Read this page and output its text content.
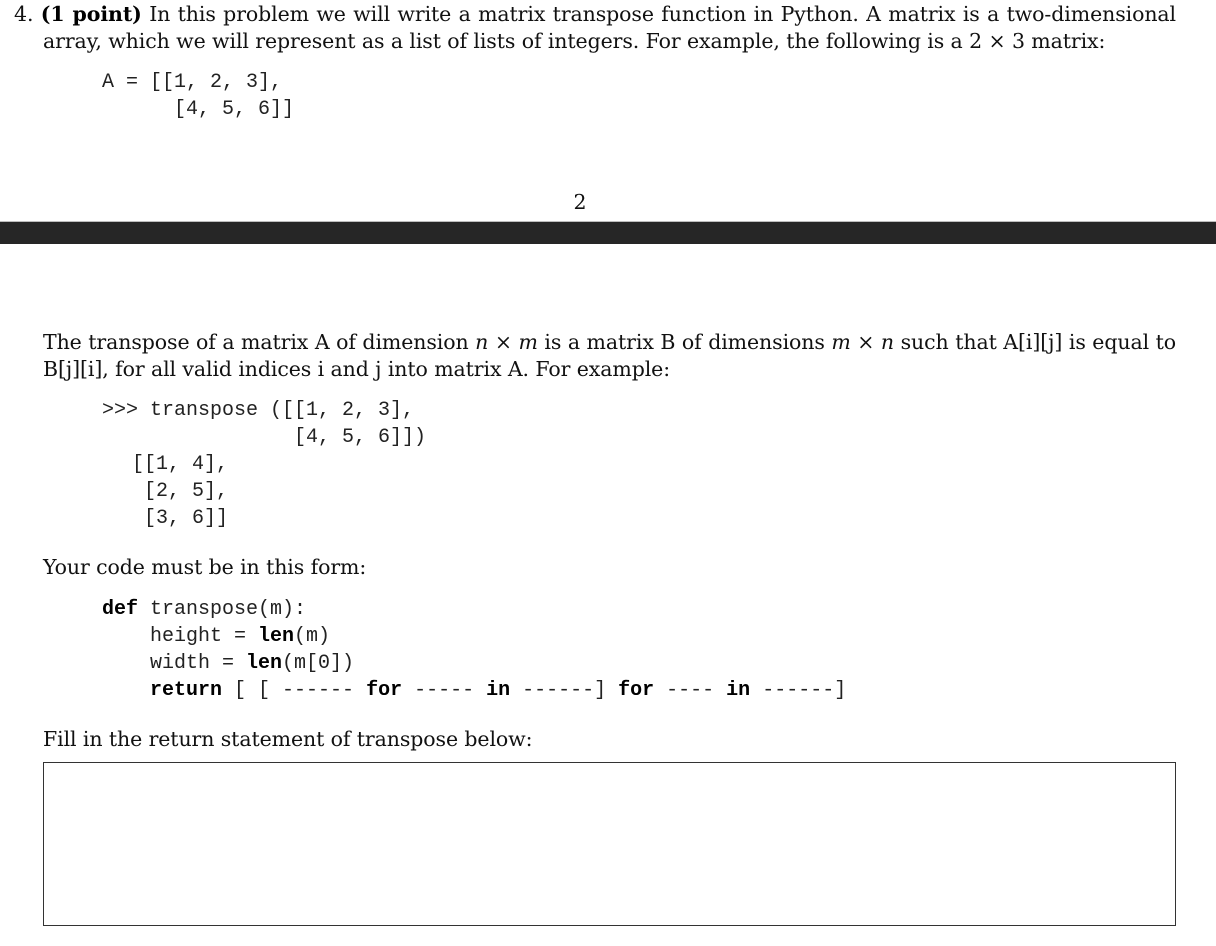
4. (1 point) In this problem we will write a matrix transpose function in Python. A matrix is a two-dimensional
array, which we will represent as a list of lists of integers. For example, the following is a 2 × 3 matrix:
A = [[1, 2, 3],
[4, 5, 6]]
2
The transpose of a matrix A of dimension n × m is a matrix B of dimensions m × n such that A[i][j] is equal to
B[j][i], for all valid indices i and j into matrix A. For example:
>>> transpose ([[1, 2, 3],
[4, 5, 6]])
[[1, 4],
[2, 5],
[3, 6]]
Your code must be in this form:
def transpose(m):
height = len(m)
width = len(m[0])
return [ [ ------ for ----- in ------] for ---- in ------]
Fill in the return statement of transpose below:
